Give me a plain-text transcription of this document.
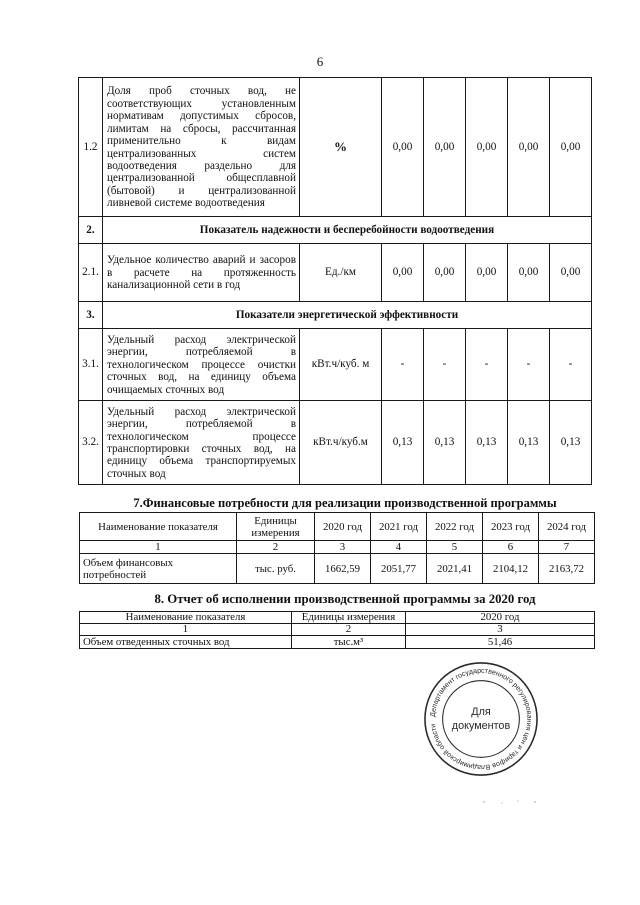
6
1.2	Доля проб сточных вод, не соответствующих установленным нормативам допустимых сбросов, лимитам на сбросы, рассчитанная применительно к видам централизованных систем водоотведения раздельно для централизованной общесплавной (бытовой) и централизованной ливневой системе водоотведения	%	0,00	0,00	0,00	0,00	0,00
2.	Показатель надежности и бесперебойности водоотведения						
2.1.	Удельное количество аварий и засоров в расчете на протяженность канализационной сети в год	Ед./км	0,00	0,00	0,00	0,00	0,00
3.	Показатели энергетической эффективности						
3.1.	Удельный расход электрической энергии, потребляемой в технологическом процессе очистки сточных вод, на единицу объема очищаемых сточных вод	кВт.ч/куб. м	-	-	-	-	-
3.2.	Удельный расход электрической энергии, потребляемой в технологическом процессе транспортировки сточных вод, на единицу объема транспортируемых сточных вод	кВт.ч/куб.м	0,13	0,13	0,13	0,13	0,13
7.Финансовые потребности для реализации производственной программы
Наименование показателя	Единицы измерения	2020 год	2021 год	2022 год	2023 год	2024 год
1	2	3	4	5	6	7
Объем финансовых потребностей	тыс. руб.	1662,59	2051,77	2021,41	2104,12	2163,72
8. Отчет об исполнении производственной программы за 2020 год
Наименование показателя	Единицы измерения	2020 год
1	2	3
Объем отведенных сточных вод	тыс.м³	51,46
Департамент государственного регулирования цен и тарифов Владимирской области
Для
документов
